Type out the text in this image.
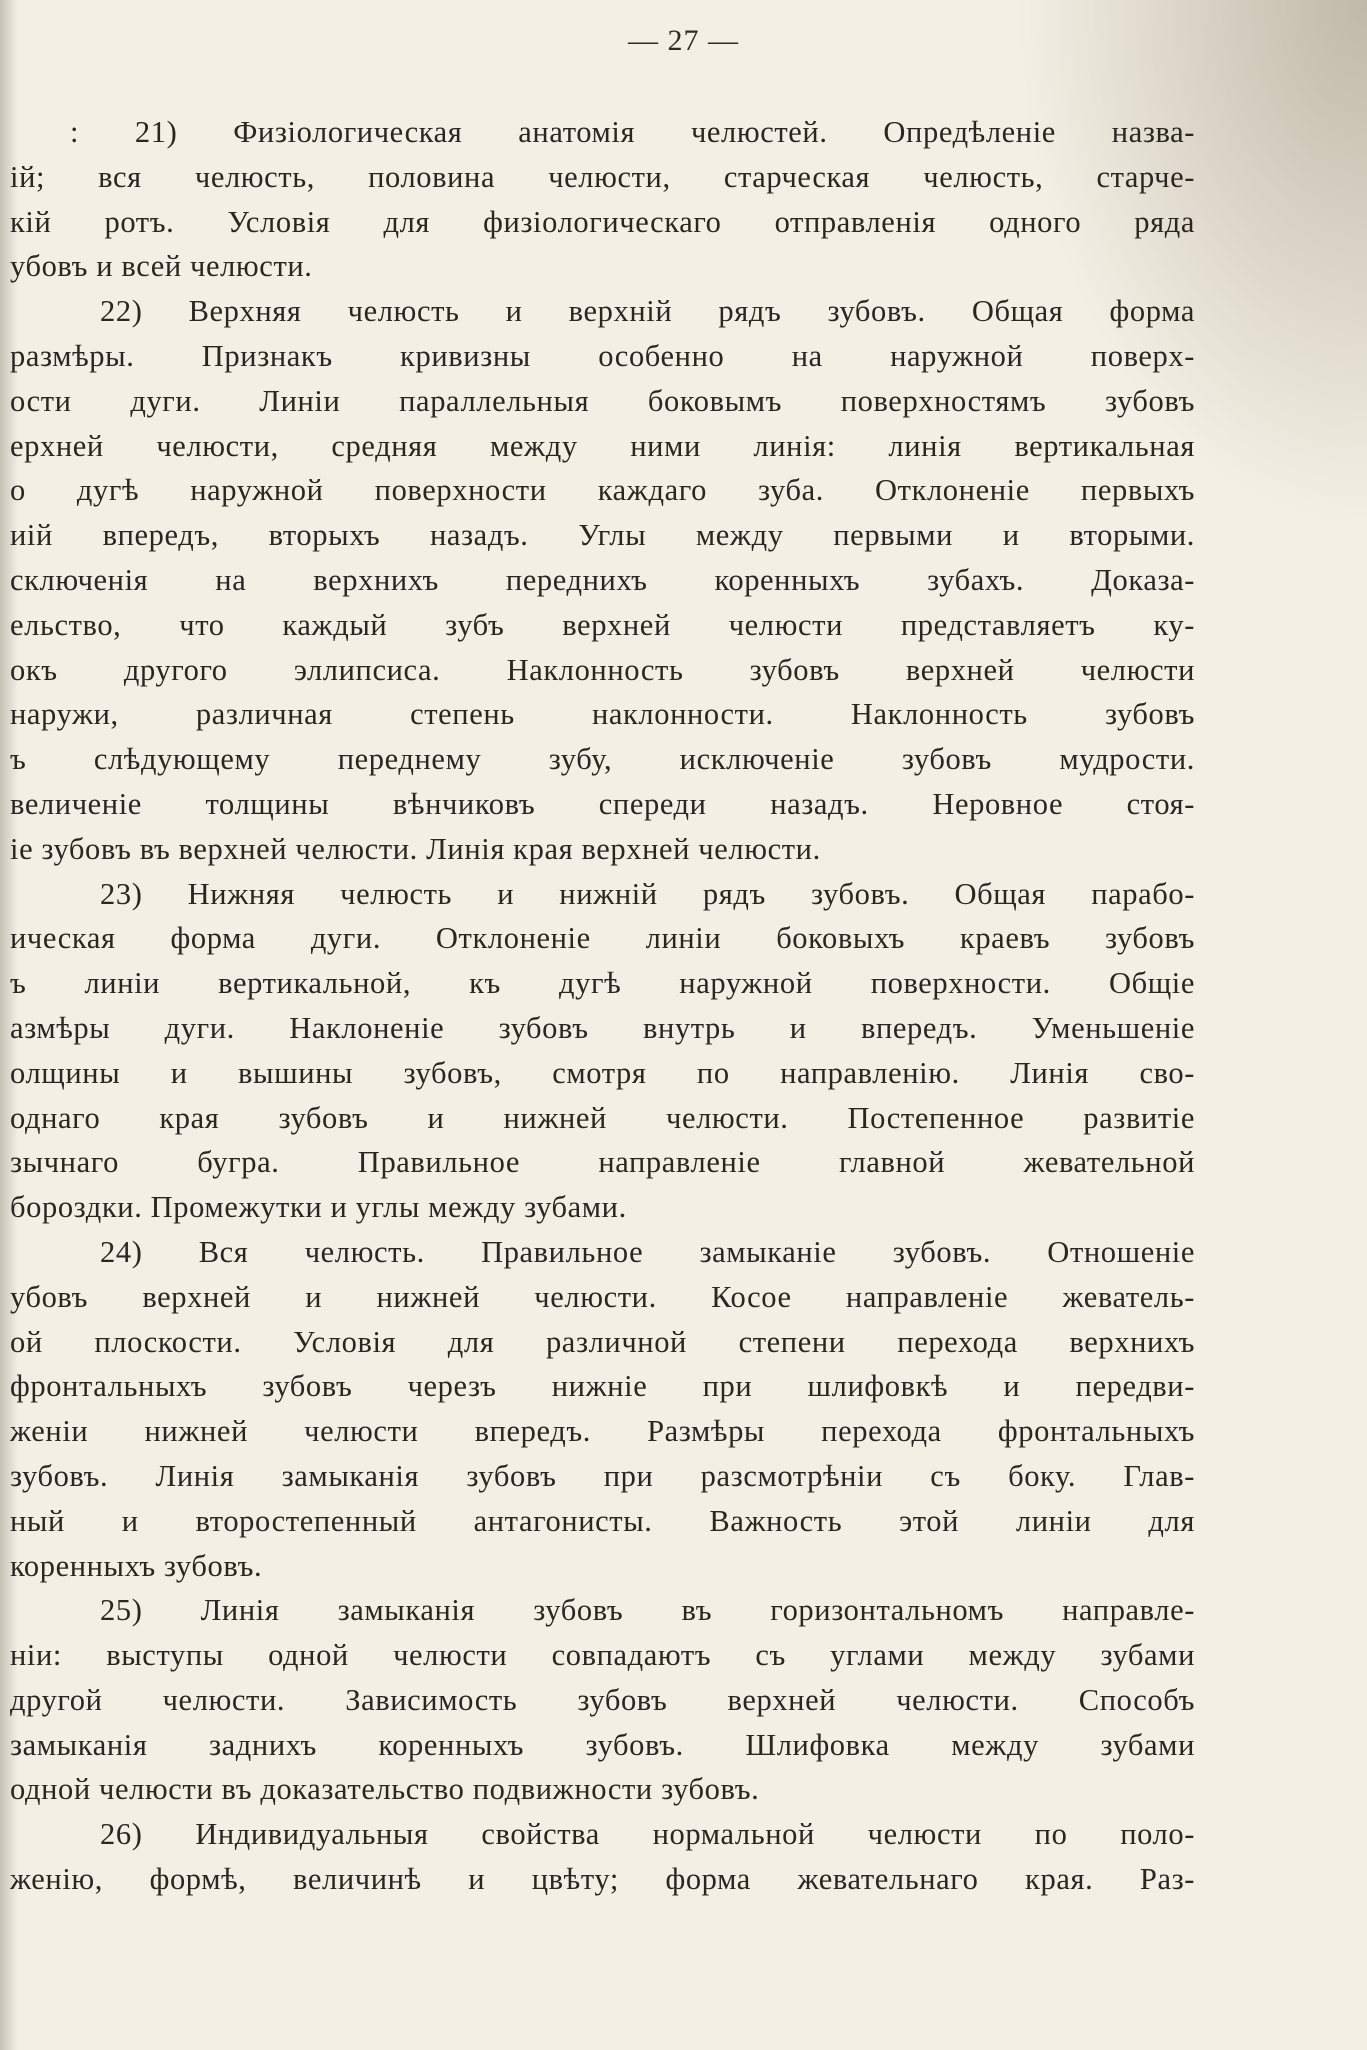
— 27 —
: 21) Физiологическая анатомiя челюстей. Опредѣленiе назва-
iй; вся челюсть, половина челюсти, старческая челюсть, старче-
кiй ротъ. Условiя для физiологическаго отправленiя одного ряда
убовъ и всей челюсти.
22) Верхняя челюсть и верхнiй рядъ зубовъ. Общая форма
размѣры. Признакъ кривизны особенно на наружной поверх-
ости дуги. Линiи параллельныя боковымъ поверхностямъ зубовъ
ерхней челюсти, средняя между ними линiя: линiя вертикальная
о дугѣ наружной поверхности каждаго зуба. Отклоненiе первыхъ
иiй впередъ, вторыхъ назадъ. Углы между первыми и вторыми.
сключенiя на верхнихъ переднихъ коренныхъ зубахъ. Доказа-
ельство, что каждый зубъ верхней челюсти представляетъ ку-
окъ другого эллипсиса. Наклонность зубовъ верхней челюсти
наружи, различная степень наклонности. Наклонность зубовъ
ъ слѣдующему переднему зубу, исключенiе зубовъ мудрости.
величенiе толщины вѣнчиковъ спереди назадъ. Неровное стоя-
iе зубовъ въ верхней челюсти. Линiя края верхней челюсти.
23) Нижняя челюсть и нижнiй рядъ зубовъ. Общая парабо-
ическая форма дуги. Отклоненiе линiи боковыхъ краевъ зубовъ
ъ линiи вертикальной, къ дугѣ наружной поверхности. Общiе
азмѣры дуги. Наклоненiе зубовъ внутрь и впередъ. Уменьшенiе
олщины и вышины зубовъ, смотря по направленiю. Линiя сво-
однаго края зубовъ и нижней челюсти. Постепенное развитiе
зычнаго бугра. Правильное направленiе главной жевательной
бороздки. Промежутки и углы между зубами.
24) Вся челюсть. Правильное замыканiе зубовъ. Отношенiе
убовъ верхней и нижней челюсти. Косое направленiе жеватель-
ой плоскости. Условiя для различной степени перехода верхнихъ
фронтальныхъ зубовъ черезъ нижнiе при шлифовкѣ и передви-
женiи нижней челюсти впередъ. Размѣры перехода фронтальныхъ
зубовъ. Линiя замыканiя зубовъ при разсмотрѣнiи съ боку. Глав-
ный и второстепенный антагонисты. Важность этой линiи для
коренныхъ зубовъ.
25) Линiя замыканiя зубовъ въ горизонтальномъ направле-
нiи: выступы одной челюсти совпадаютъ съ углами между зубами
другой челюсти. Зависимость зубовъ верхней челюсти. Способъ
замыканiя заднихъ коренныхъ зубовъ. Шлифовка между зубами
одной челюсти въ доказательство подвижности зубовъ.
26) Индивидуальныя свойства нормальной челюсти по поло-
женiю, формѣ, величинѣ и цвѣту; форма жевательнаго края. Раз-
